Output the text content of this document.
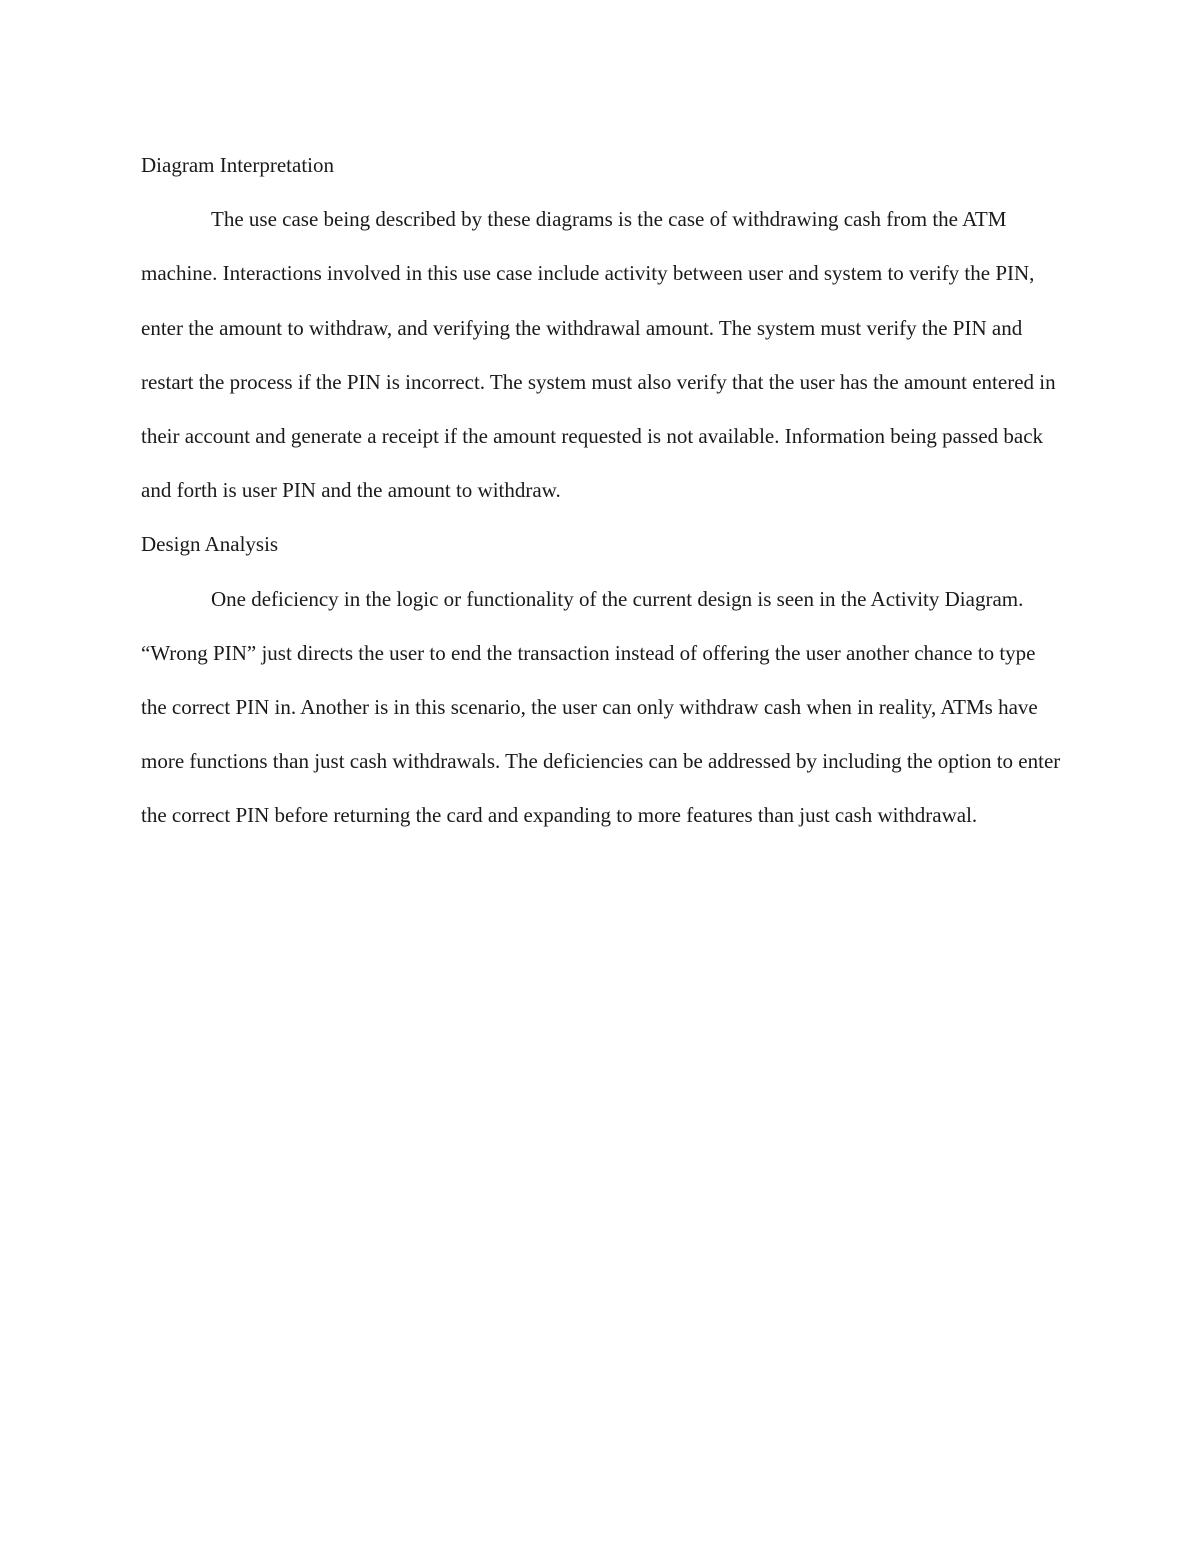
Diagram Interpretation

The use case being described by these diagrams is the case of withdrawing cash from the ATM machine. Interactions involved in this use case include activity between user and system to verify the PIN, enter the amount to withdraw, and verifying the withdrawal amount. The system must verify the PIN and restart the process if the PIN is incorrect. The system must also verify that the user has the amount entered in their account and generate a receipt if the amount requested is not available. Information being passed back and forth is user PIN and the amount to withdraw.

Design Analysis

One deficiency in the logic or functionality of the current design is seen in the Activity Diagram. “Wrong PIN” just directs the user to end the transaction instead of offering the user another chance to type the correct PIN in. Another is in this scenario, the user can only withdraw cash when in reality, ATMs have more functions than just cash withdrawals. The deficiencies can be addressed by including the option to enter the correct PIN before returning the card and expanding to more features than just cash withdrawal.
